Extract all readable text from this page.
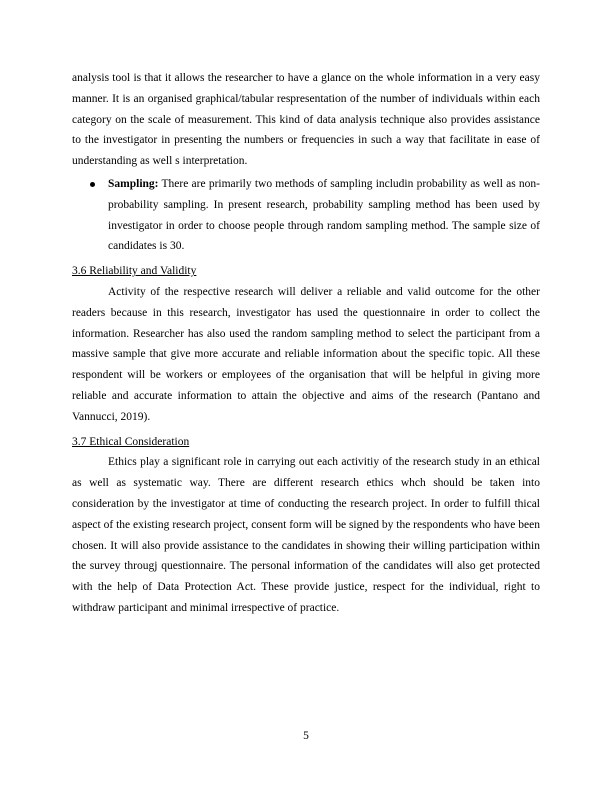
analysis tool is that it allows the researcher to have a glance on the whole information in a very easy manner. It is an organised graphical/tabular respresentation of the number of individuals within each category on the scale of measurement. This kind of data analysis technique also provides assistance to the investigator in presenting the numbers or frequencies in such a way that facilitate in ease of understanding as well s interpretation.

Sampling: There are primarily two methods of sampling includin probability as well as non-probability sampling. In present research, probability sampling method has been used by investigator in order to choose people through random sampling method. The sample size of candidates is 30.

3.6 Reliability and Validity

Activity of the respective research will deliver a reliable and valid outcome for the other readers because in this research, investigator has used the questionnaire in order to collect the information. Researcher has also used the random sampling method to select the participant from a massive sample that give more accurate and reliable information about the specific topic. All these respondent will be workers or employees of the organisation that will be helpful in giving more reliable and accurate information to attain the objective and aims of the research (Pantano and Vannucci, 2019).

3.7 Ethical Consideration

Ethics play a significant role in carrying out each activitiy of the research study in an ethical as well as systematic way. There are different research ethics whch should be taken into consideration by the investigator at time of conducting the research project. In order to fulfill thical aspect of the existing research project, consent form will be signed by the respondents who have been chosen. It will also provide assistance to the candidates in showing their willing participation within the survey througj questionnaire. The personal information of the candidates will also get protected with the help of Data Protection Act. These provide justice, respect for the individual, right to withdraw participant and minimal irrespective of practice.

5
